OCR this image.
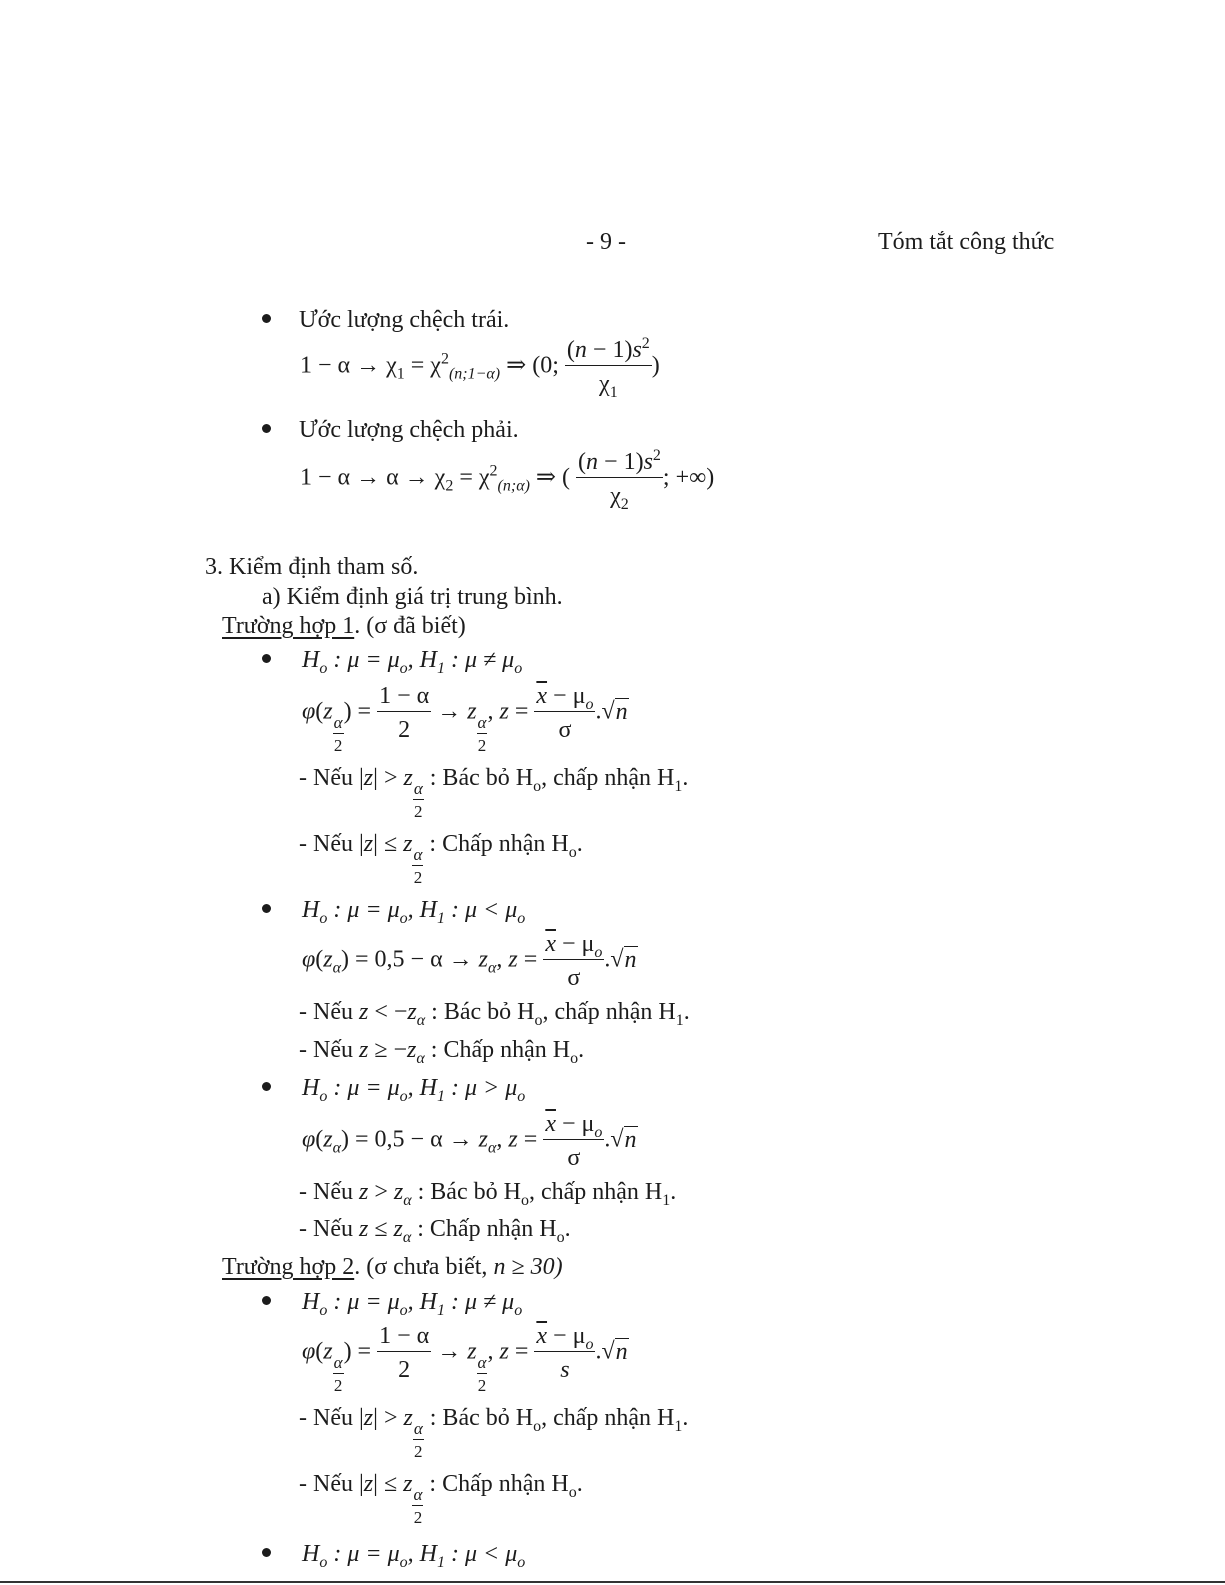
- 9 -	Tóm tắt công thức
Ước lượng chệch trái.
$1 - \alpha \to \chi_1 = \chi^2_{(n;1-\alpha)}$ ⇒ (0; $\frac{(n - 1)s^2}{\chi_1}$ )
Ước lượng chệch phải.
$1 - \alpha \to \alpha \to \chi_2 = \chi^2_{(n;\alpha)}$ ⇒ ( $\frac{(n - 1)s^2}{\chi_2}$ ; +∞)
3. Kiểm định tham số.
a) Kiểm định giá trị trung bình.
Trường hợp 1. (σ đã biết)
$H_o$ : $\mu = \mu_o$, $H_1$ : $\mu \ne \mu_o$
φ(z
$\frac{\alpha}{2}$
) = $\frac{1 - \alpha}{2} \to z$
$\frac{\alpha}{2}$
, $z = \frac{\overline{x} - \mu_o}{\sigma} .√n$
- Nếu |z| > z
$\frac{\alpha}{2}$
: Bác bỏ $H_o$, chấp nhận $H_1$.
- Nếu |z| ≤ z
$\frac{\alpha}{2}$
: Chấp nhận $H_o$.
$H_o$ : $\mu = \mu_o$, $H_1$ : $\mu < \mu_o$
$\varphi(z_\alpha) = 0,5 - \alpha \to z_\alpha$, $z = \frac{\overline{x} - \mu_o}{\sigma} .√n$
- Nếu $z < -z_\alpha$ : Bác bỏ $H_o$, chấp nhận $H_1$.
- Nếu $z \ge -z_\alpha$ : Chấp nhận $H_o$.
$H_o$ : $\mu = \mu_o$, $H_1$ : $\mu > \mu_o$
$\varphi(z_\alpha) = 0,5 - \alpha \to z_\alpha$, $z = \frac{\overline{x} - \mu_o}{\sigma} .√n$
- Nếu $z > z_\alpha$ : Bác bỏ $H_o$, chấp nhận $H_1$.
- Nếu $z \le z_\alpha$ : Chấp nhận $H_o$.
Trường hợp 2. (σ chưa biết, n ≥ 30)
$H_o$ : $\mu = \mu_o$, $H_1$ : $\mu \ne \mu_o$
φ(z
$\frac{\alpha}{2}$
) = $\frac{1 - \alpha}{2} \to z$
$\frac{\alpha}{2}$
, $z = \frac{\overline{x} - \mu_o}{s} .√n$
- Nếu |z| > z
$\frac{\alpha}{2}$
: Bác bỏ $H_o$, chấp nhận $H_1$.
- Nếu |z| ≤ z
$\frac{\alpha}{2}$
: Chấp nhận $H_o$.
$H_o$ : $\mu = \mu_o$, $H_1$ : $\mu < \mu_o$
